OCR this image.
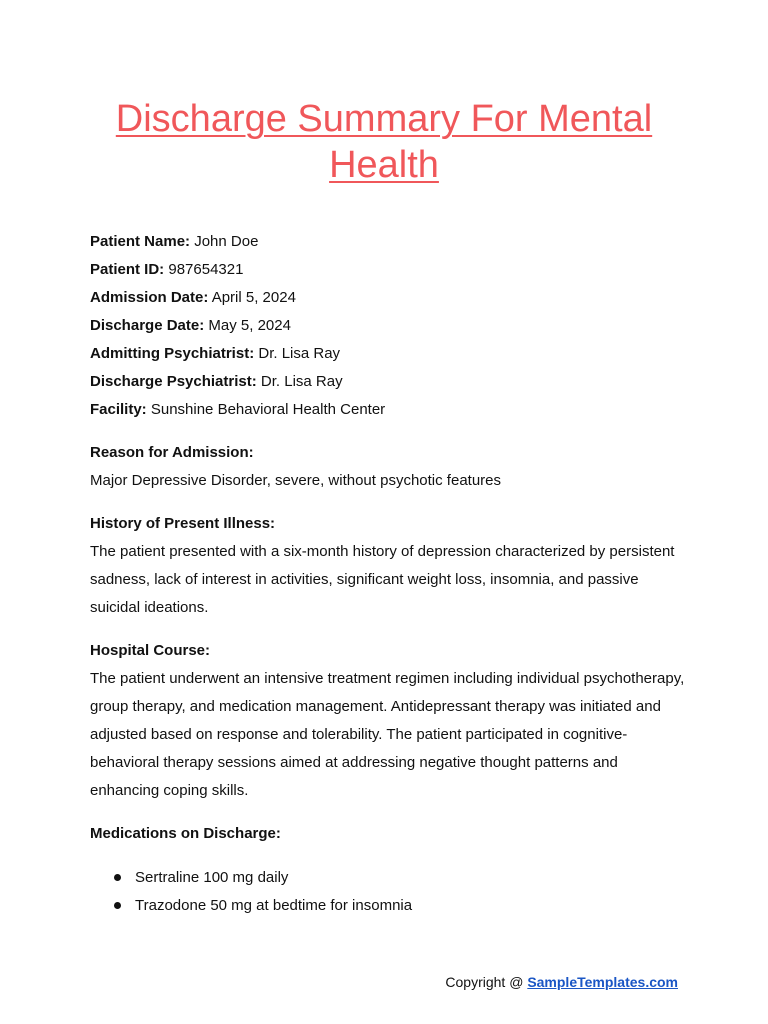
Discharge Summary For Mental Health

Patient Name: John Doe

Patient ID: 987654321

Admission Date: April 5, 2024

Discharge Date: May 5, 2024

Admitting Psychiatrist: Dr. Lisa Ray

Discharge Psychiatrist: Dr. Lisa Ray

Facility: Sunshine Behavioral Health Center

Reason for Admission:

Major Depressive Disorder, severe, without psychotic features

History of Present Illness:

The patient presented with a six-month history of depression characterized by persistent sadness, lack of interest in activities, significant weight loss, insomnia, and passive suicidal ideations.

Hospital Course:

The patient underwent an intensive treatment regimen including individual psychotherapy, group therapy, and medication management. Antidepressant therapy was initiated and adjusted based on response and tolerability. The patient participated in cognitive-behavioral therapy sessions aimed at addressing negative thought patterns and enhancing coping skills.

Medications on Discharge:

Sertraline 100 mg daily
Trazodone 50 mg at bedtime for insomnia
Copyright @ SampleTemplates.com
